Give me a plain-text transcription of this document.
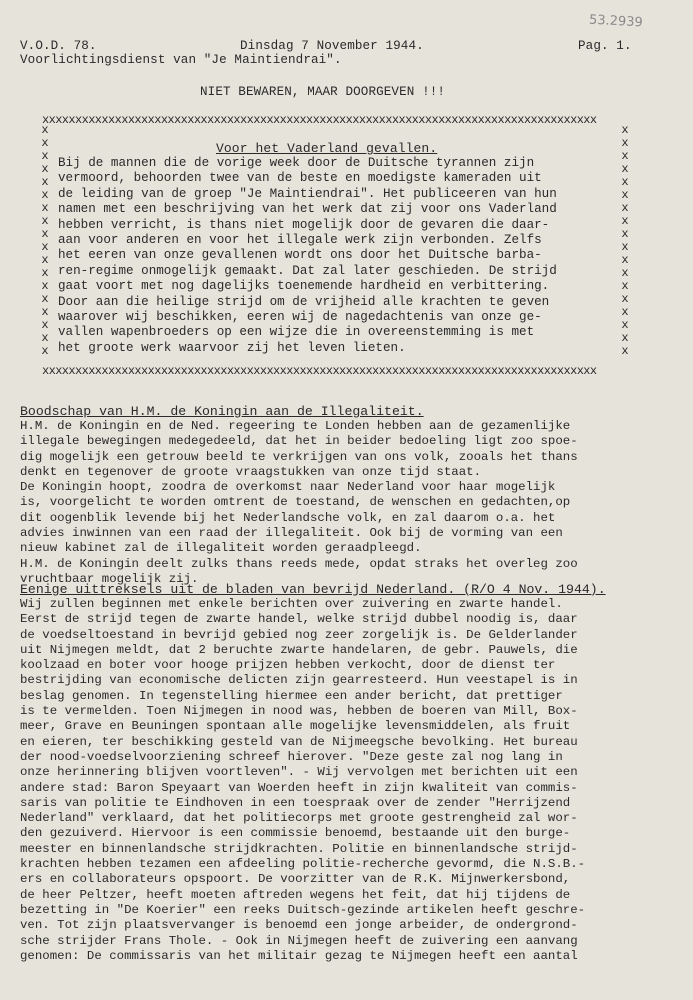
53.2939
V.O.D. 78.	Dinsdag 7 November 1944.	Pag. 1.
Voorlichtingsdienst van "Je Maintiendrai".
NIET BEWAREN, MAAR DOORGEVEN !!!
xxxxxxxxxxxxxxxxxxxxxxxxxxxxxxxxxxxxxxxxxxxxxxxxxxxxxxxxxxxxxxxxxxxxxxxxxxxxxxxxxxxx
xxxxxxxxxxxxxxxxxxxxxxxxxxxxxxxxxxxxxxxxxxxxxxxxxxxxxxxxxxxxxxxxxxxxxxxxxxxxxxxxxxxx
x
x
x
x
x
x
x
x
x
x
x
x
x
x
x
x
x
x
x
x
x
x
x
x
x
x
x
x
x
x
x
x
x
x
x
x
Voor het Vaderland gevallen.
Bij de mannen die de vorige week door de Duitsche tyrannen zijn
vermoord, behoorden twee van de beste en moedigste kameraden uit
de leiding van de groep "Je Maintiendrai". Het publiceeren van hun
namen met een beschrijving van het werk dat zij voor ons Vaderland
hebben verricht, is thans niet mogelijk door de gevaren die daar-
aan voor anderen en voor het illegale werk zijn verbonden. Zelfs
het eeren van onze gevallenen wordt ons door het Duitsche barba-
ren-regime onmogelijk gemaakt. Dat zal later geschieden. De strijd
gaat voort met nog dagelijks toenemende hardheid en verbittering.
Door aan die heilige strijd om de vrijheid alle krachten te geven
waarover wij beschikken, eeren wij de nagedachtenis van onze ge-
vallen wapenbroeders op een wijze die in overeenstemming is met
het groote werk waarvoor zij het leven lieten.
Boodschap van H.M. de Koningin aan de Illegaliteit.
H.M. de Koningin en de Ned. regeering te Londen hebben aan de gezamenlijke
illegale bewegingen medegedeeld, dat het in beider bedoeling ligt zoo spoe-
dig mogelijk een getrouw beeld te verkrijgen van ons volk, zooals het thans
denkt en tegenover de groote vraagstukken van onze tijd staat.
De Koningin hoopt, zoodra de overkomst naar Nederland voor haar mogelijk
is, voorgelicht te worden omtrent de toestand, de wenschen en gedachten,op
dit oogenblik levende bij het Nederlandsche volk, en zal daarom o.a. het
advies inwinnen van een raad der illegaliteit. Ook bij de vorming van een
nieuw kabinet zal de illegaliteit worden geraadpleegd.
H.M. de Koningin deelt zulks thans reeds mede, opdat straks het overleg zoo
vruchtbaar mogelijk zij.
Eenige uittreksels uit de bladen van bevrijd Nederland. (R/O 4 Nov. 1944).
Wij zullen beginnen met enkele berichten over zuivering en zwarte handel.
Eerst de strijd tegen de zwarte handel, welke strijd dubbel noodig is, daar
de voedseltoestand in bevrijd gebied nog zeer zorgelijk is. De Gelderlander
uit Nijmegen meldt, dat 2 beruchte zwarte handelaren, de gebr. Pauwels, die
koolzaad en boter voor hooge prijzen hebben verkocht, door de dienst ter
bestrijding van economische delicten zijn gearresteerd. Hun veestapel is in
beslag genomen. In tegenstelling hiermee een ander bericht, dat prettiger
is te vermelden. Toen Nijmegen in nood was, hebben de boeren van Mill, Box-
meer, Grave en Beuningen spontaan alle mogelijke levensmiddelen, als fruit
en eieren, ter beschikking gesteld van de Nijmeegsche bevolking. Het bureau
der nood-voedselvoorziening schreef hierover. "Deze geste zal nog lang in
onze herinnering blijven voortleven". - Wij vervolgen met berichten uit een
andere stad: Baron Speyaart van Woerden heeft in zijn kwaliteit van commis-
saris van politie te Eindhoven in een toespraak over de zender "Herrijzend
Nederland" verklaard, dat het politiecorps met groote gestrengheid zal wor-
den gezuiverd. Hiervoor is een commissie benoemd, bestaande uit den burge-
meester en binnenlandsche strijdkrachten. Politie en binnenlandsche strijd-
krachten hebben tezamen een afdeeling politie-recherche gevormd, die N.S.B.-
ers en collaborateurs opspoort. De voorzitter van de R.K. Mijnwerkersbond,
de heer Peltzer, heeft moeten aftreden wegens het feit, dat hij tijdens de
bezetting in "De Koerier" een reeks Duitsch-gezinde artikelen heeft geschre-
ven. Tot zijn plaatsvervanger is benoemd een jonge arbeider, de ondergrond-
sche strijder Frans Thole. - Ook in Nijmegen heeft de zuivering een aanvang
genomen: De commissaris van het militair gezag te Nijmegen heeft een aantal
